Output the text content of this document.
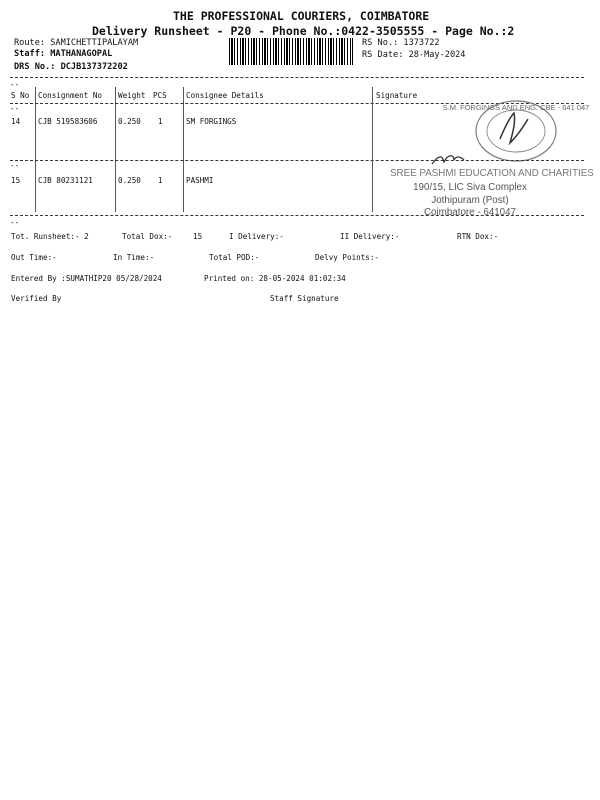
THE PROFESSIONAL COURIERS, COIMBATORE
Delivery Runsheet - P20 - Phone No.:0422-3505555 - Page No.:2
Route: SAMICHETTIPALAYAM
Staff: MATHANAGOPAL
DRS No.: DCJB137372202
RS No.: 1373722
RS Date: 28-May-2024
--
S No Consignment No Weight PCS	Consignee Details	Signature
--
14 CJB 519583606	0.250 1	SM FORGINGS
S.M. FORGINGS AND ENG. CBE - 641 047
--
15 CJB 80231121	0.250 1	PASHMI
SREE PASHMI EDUCATION AND CHARITIES
190/15, LIC Siva Complex
Jothipuram (Post)
Coimbatore - 641047
--
Tot. Runsheet:- 2	Total Dox:-	15	I Delivery:-	II Delivery:-	RTN Dox:-
Out Time:-	In Time:-	Total POD:-	Delvy Points:-
Entered By :SUMATHIP20 05/28/2024	Printed on: 28-05-2024 01:02:34
Verified By	Staff Signature
